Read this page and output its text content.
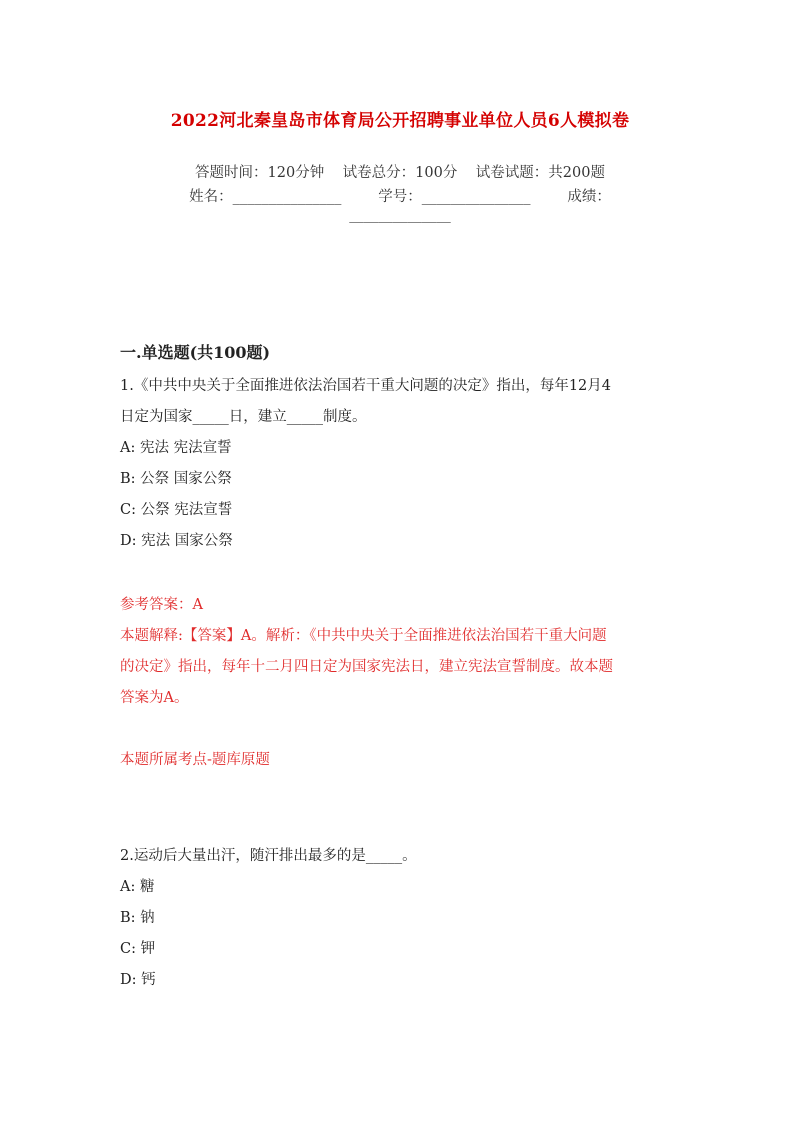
2022河北秦皇岛市体育局公开招聘事业单位人员6人模拟卷
答题时间：120分钟    试卷总分：100分    试卷试题：共200题
姓名：_______________        学号：_______________        成绩：
______________
一.单选题(共100题)
1.《中共中央关于全面推进依法治国若干重大问题的决定》指出，每年12月4
日定为国家_____日，建立_____制度。
A: 宪法 宪法宣誓
B: 公祭 国家公祭
C: 公祭 宪法宣誓
D: 宪法 国家公祭
参考答案：A
本题解释:【答案】A。解析：《中共中央关于全面推进依法治国若干重大问题
的决定》指出，每年十二月四日定为国家宪法日，建立宪法宣誓制度。故本题
答案为A。
本题所属考点-题库原题
2.运动后大量出汗，随汗排出最多的是_____。
A: 糖
B: 钠
C: 钾
D: 钙
